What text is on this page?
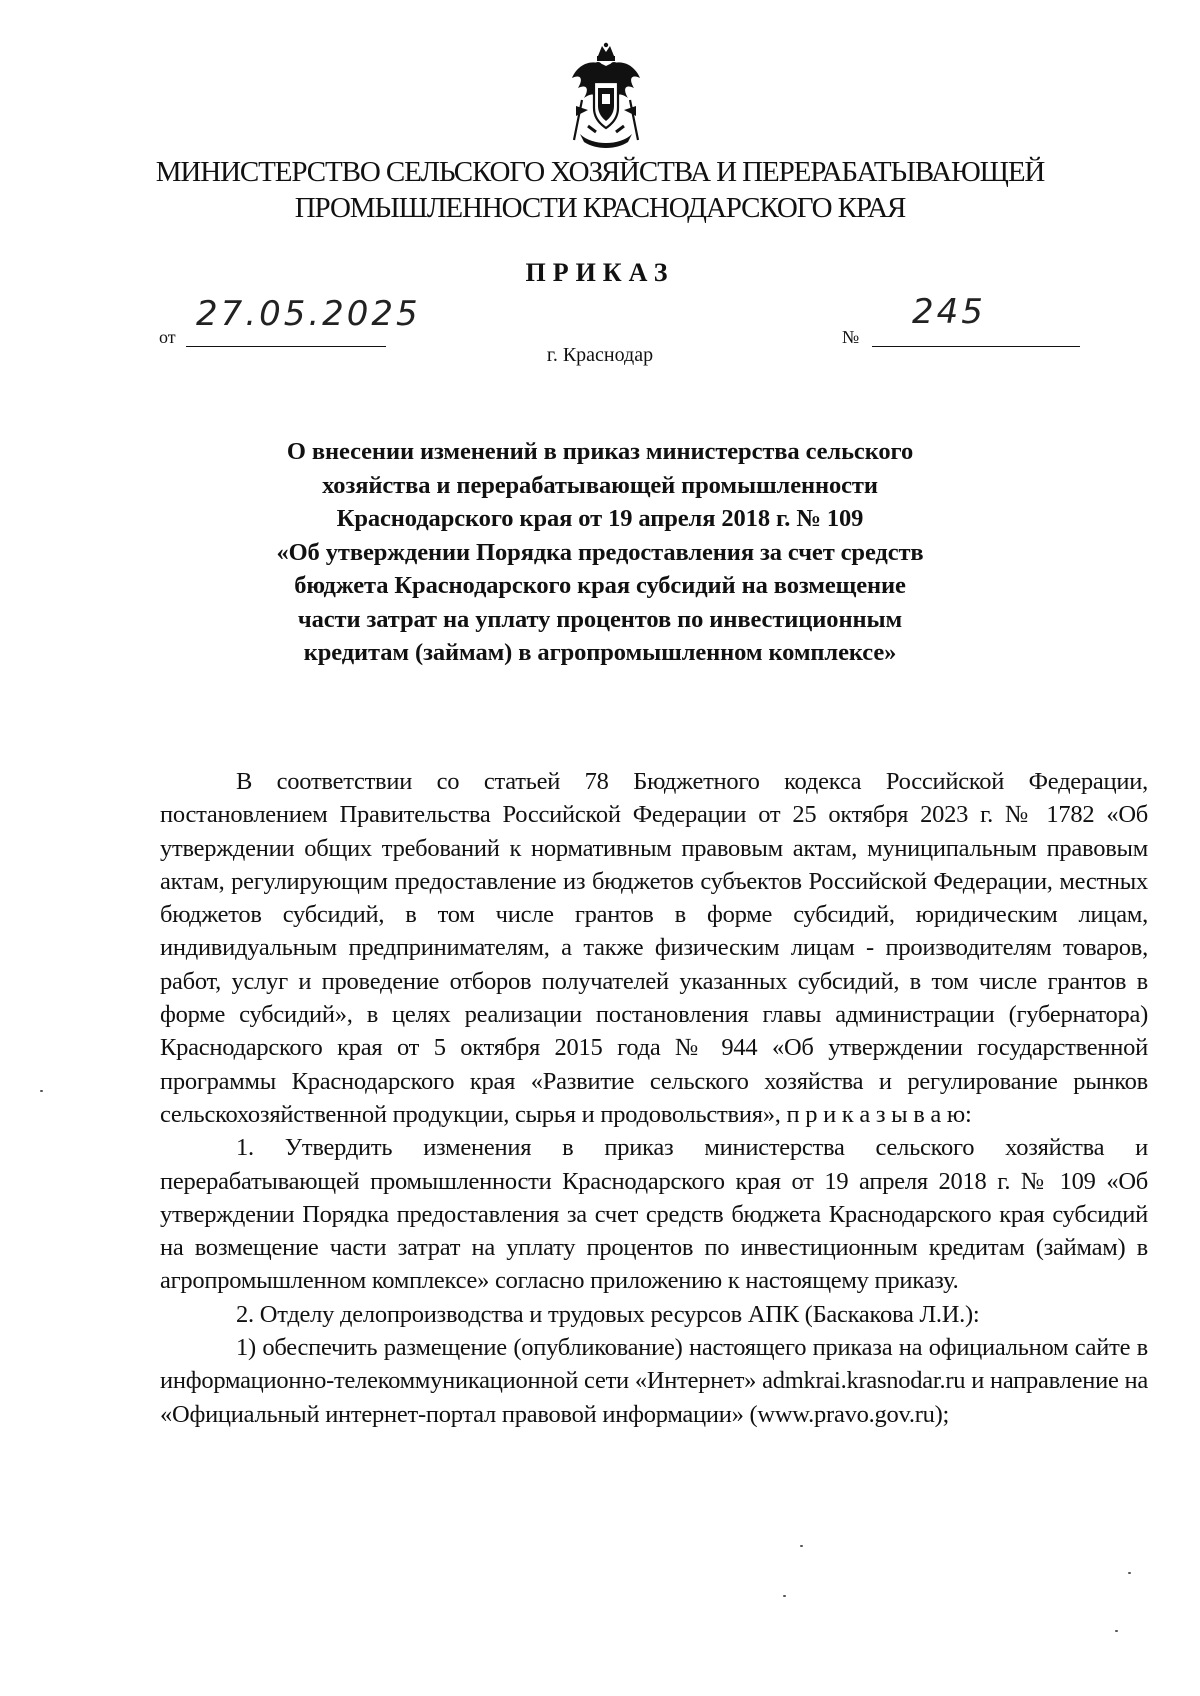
МИНИСТЕРСТВО СЕЛЬСКОГО ХОЗЯЙСТВА И ПЕРЕРАБАТЫВАЮЩЕЙ
ПРОМЫШЛЕННОСТИ КРАСНОДАРСКОГО КРАЯ
ПРИКАЗ
от
27.05.2025
№
245
г. Краснодар
О внесении изменений в приказ министерства сельского
хозяйства и перерабатывающей промышленности
Краснодарского края от 19 апреля 2018 г. № 109
«Об утверждении Порядка предоставления за счет средств
бюджета Краснодарского края субсидий на возмещение
части затрат на уплату процентов по инвестиционным
кредитам (займам) в агропромышленном комплексе»

В соответствии со статьей 78 Бюджетного кодекса Российской Федерации, постановлением Правительства Российской Федерации от 25 октября 2023 г. № 1782 «Об утверждении общих требований к нормативным правовым актам, муниципальным правовым актам, регулирующим предоставление из бюджетов субъектов Российской Федерации, местных бюджетов субсидий, в том числе грантов в форме субсидий, юридическим лицам, индивидуальным предпринимателям, а также физическим лицам - производителям товаров, работ, услуг и проведение отборов получателей указанных субсидий, в том числе грантов в форме субсидий», в целях реализации постановления главы администрации (губернатора) Краснодарского края от 5 октября 2015 года № 944 «Об утверждении государственной программы Краснодарского края «Развитие сельского хозяйства и регулирование рынков сельскохозяйственной продукции, сырья и продовольствия», п р и к а з ы в а ю:

1. Утвердить изменения в приказ министерства сельского хозяйства и перерабатывающей промышленности Краснодарского края от 19 апреля 2018 г. № 109 «Об утверждении Порядка предоставления за счет средств бюджета Краснодарского края субсидий на возмещение части затрат на уплату процентов по инвестиционным кредитам (займам) в агропромышленном комплексе» согласно приложению к настоящему приказу.

2. Отделу делопроизводства и трудовых ресурсов АПК (Баскакова Л.И.):

1) обеспечить размещение (опубликование) настоящего приказа на официальном сайте в информационно-телекоммуникационной сети «Интернет» admkrai.krasnodar.ru и направление на «Официальный интернет-портал правовой информации» (www.pravo.gov.ru);
